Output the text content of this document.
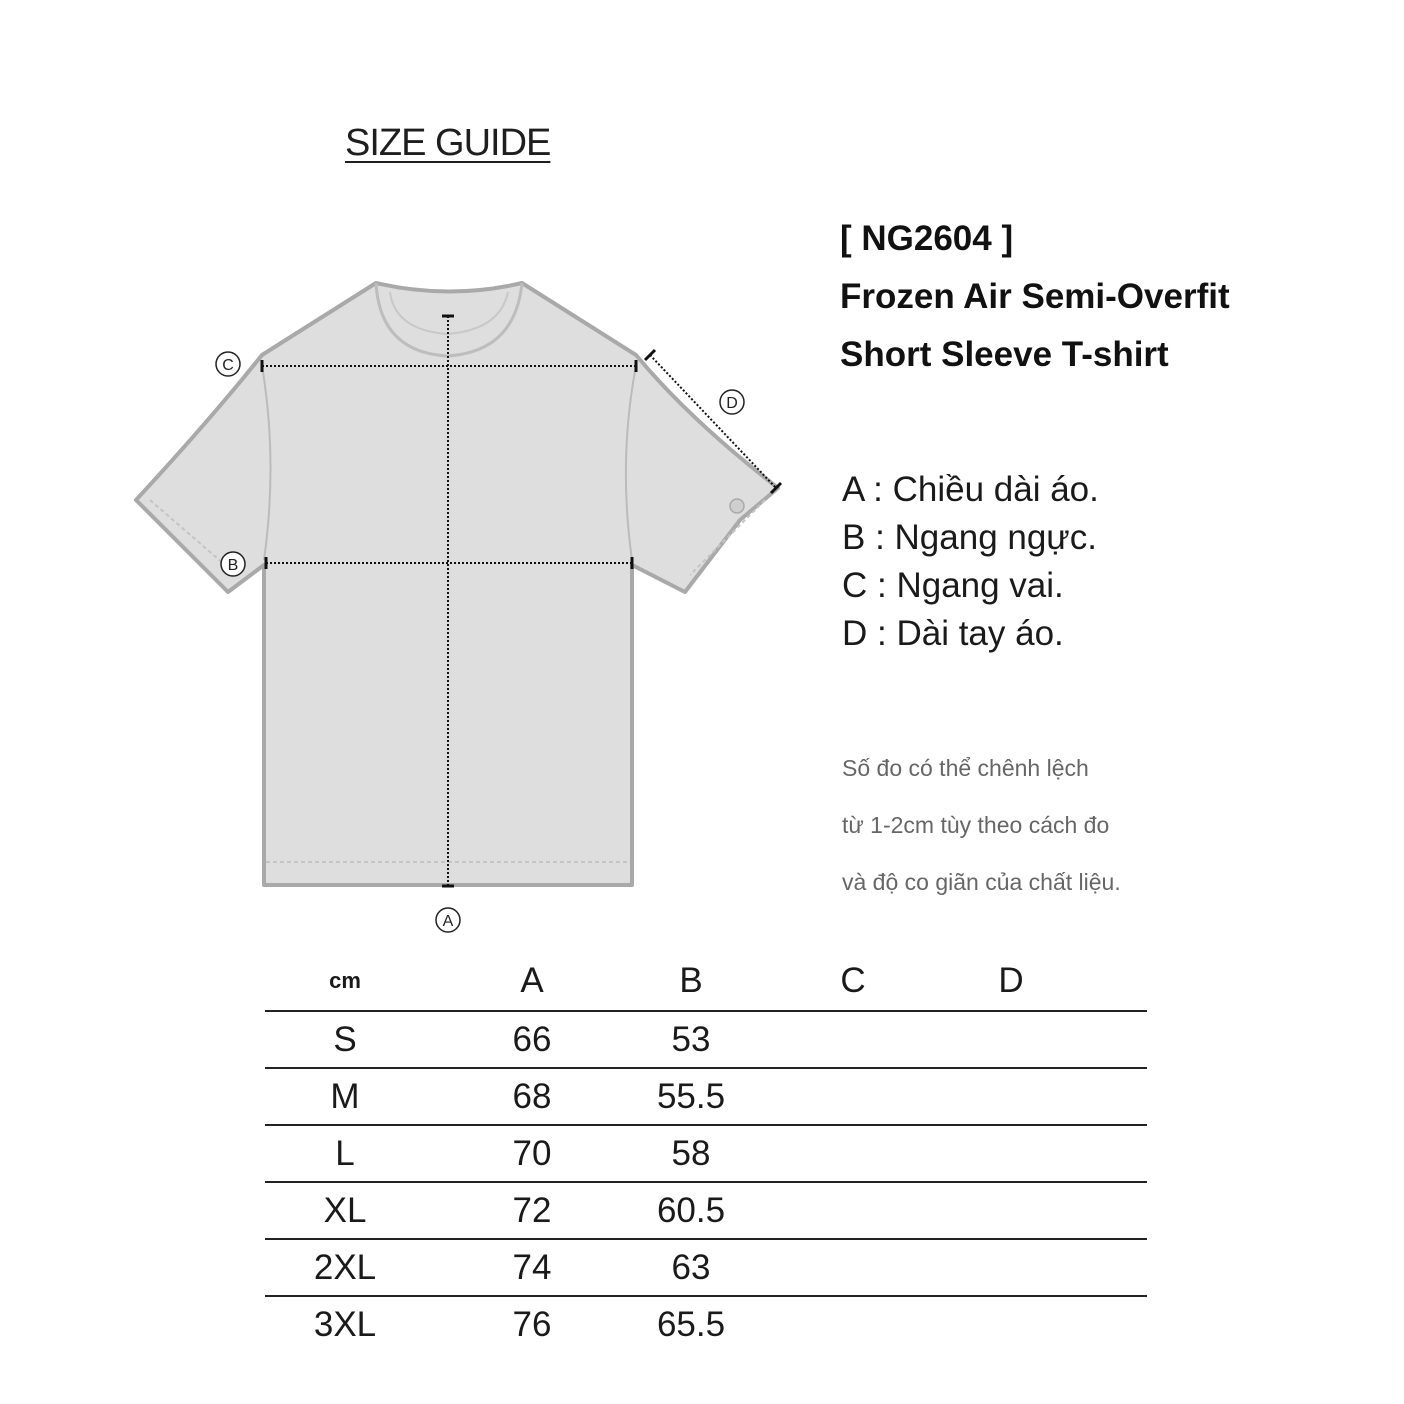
SIZE GUIDE
C
B
A
D
[ NG2604 ]
Frozen Air Semi-Overfit
Short Sleeve T-shirt
A : Chiều dài áo.
B : Ngang ngực.
C : Ngang vai.
D : Dài tay áo.
Số đo có thể chênh lệch
từ 1-2cm tùy theo cách đo
và độ co giãn của chất liệu.
cm	A	B	C	D
S	66	53
M	68	55.5
L	70	58
XL	72	60.5
2XL	74	63
3XL	76	65.5
